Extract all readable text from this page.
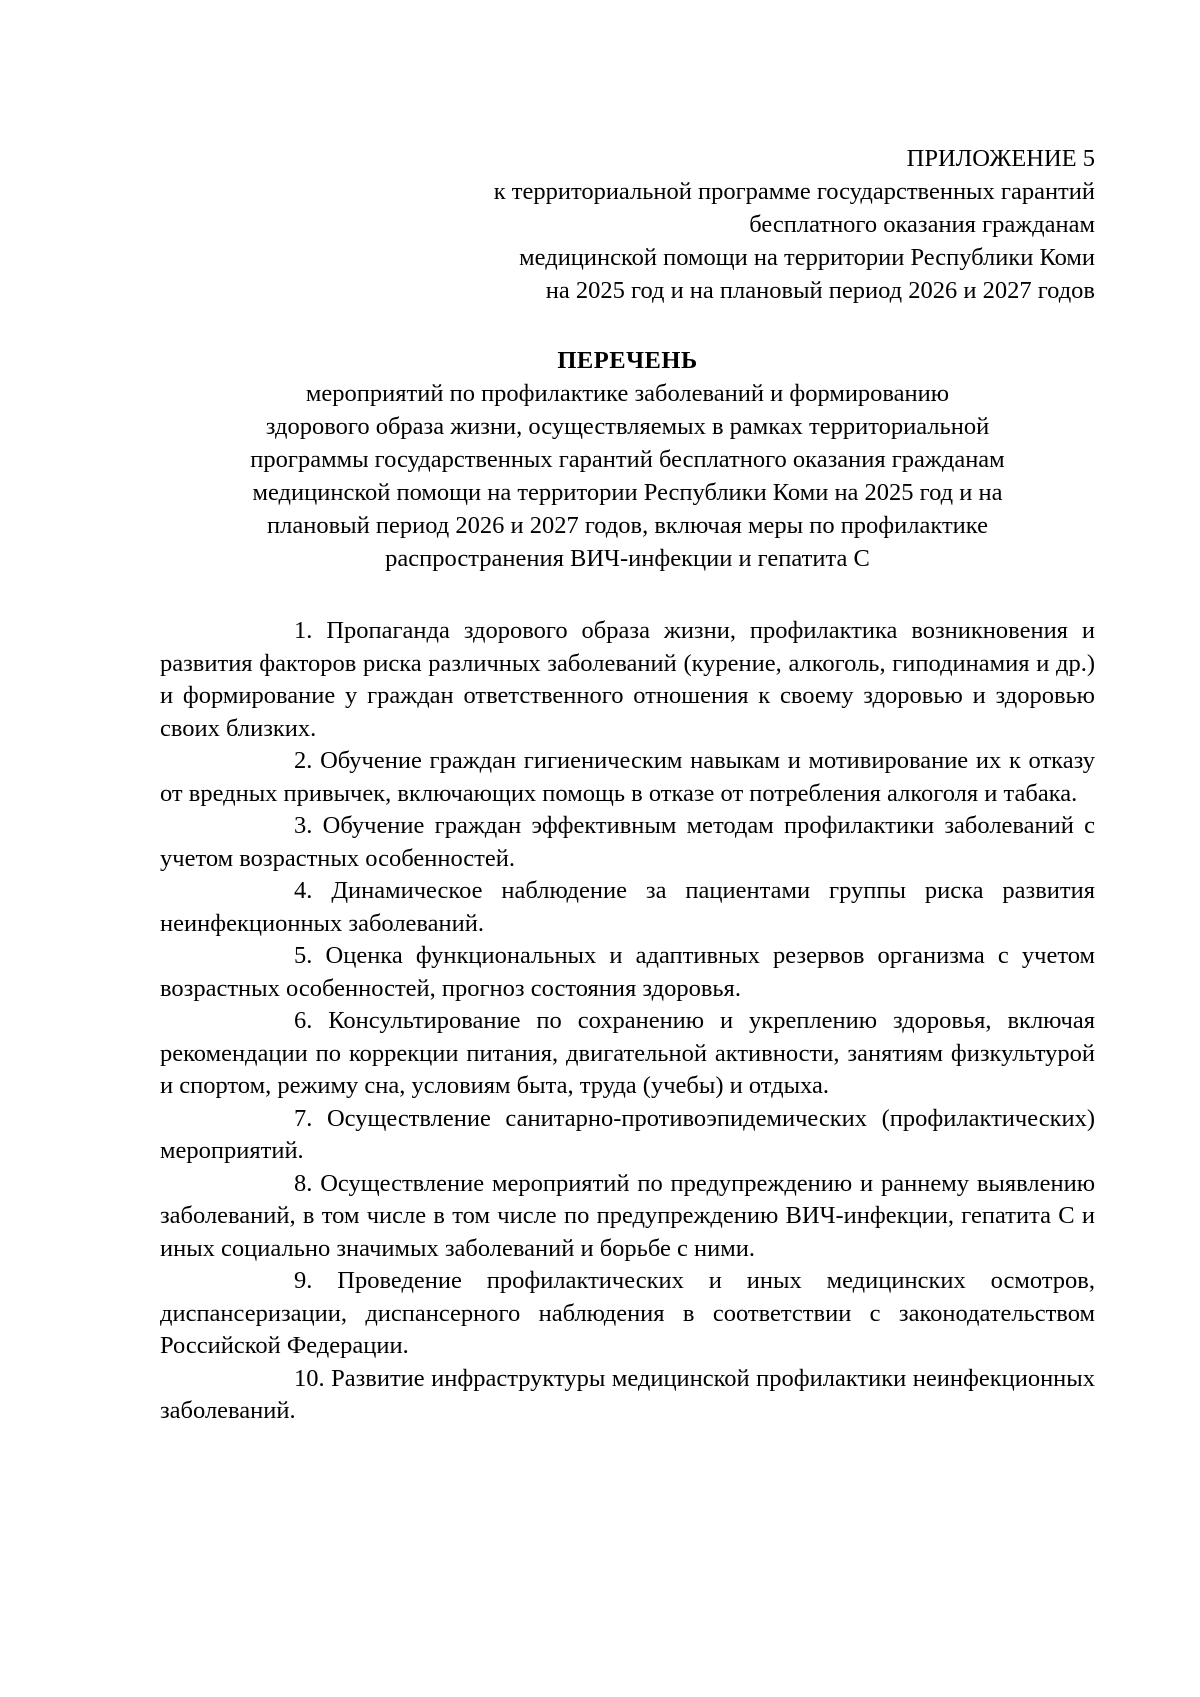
ПРИЛОЖЕНИЕ 5
к территориальной программе государственных гарантий
бесплатного оказания гражданам
медицинской помощи на территории Республики Коми
на 2025 год и на плановый период 2026 и 2027 годов
ПЕРЕЧЕНЬ
мероприятий по профилактике заболеваний и формированию
здорового образа жизни, осуществляемых в рамках территориальной
программы государственных гарантий бесплатного оказания гражданам
медицинской помощи на территории Республики Коми на 2025 год и на
плановый период 2026 и 2027 годов, включая меры по профилактике
распространения ВИЧ-инфекции и гепатита С

1. Пропаганда здорового образа жизни, профилактика возникновения и развития факторов риска различных заболеваний (курение, алкоголь, гиподинамия и др.) и формирование у граждан ответственного отношения к своему здоровью и здоровью своих близких.

2. Обучение граждан гигиеническим навыкам и мотивирование их к отказу от вредных привычек, включающих помощь в отказе от потребления алкоголя и табака.

3. Обучение граждан эффективным методам профилактики заболеваний с учетом возрастных особенностей.

4. Динамическое наблюдение за пациентами группы риска развития неинфекционных заболеваний.

5. Оценка функциональных и адаптивных резервов организма с учетом возрастных особенностей, прогноз состояния здоровья.

6. Консультирование по сохранению и укреплению здоровья, включая рекомендации по коррекции питания, двигательной активности, занятиям физкультурой и спортом, режиму сна, условиям быта, труда (учебы) и отдыха.

7. Осуществление санитарно-противоэпидемических (профилактических) мероприятий.

8. Осуществление мероприятий по предупреждению и раннему выявлению заболеваний, в том числе в том числе по предупреждению ВИЧ-инфекции, гепатита С и иных социально значимых заболеваний и борьбе с ними.

9. Проведение профилактических и иных медицинских осмотров, диспансеризации, диспансерного наблюдения в соответствии с законодательством Российской Федерации.

10. Развитие инфраструктуры медицинской профилактики неинфекционных заболеваний.
